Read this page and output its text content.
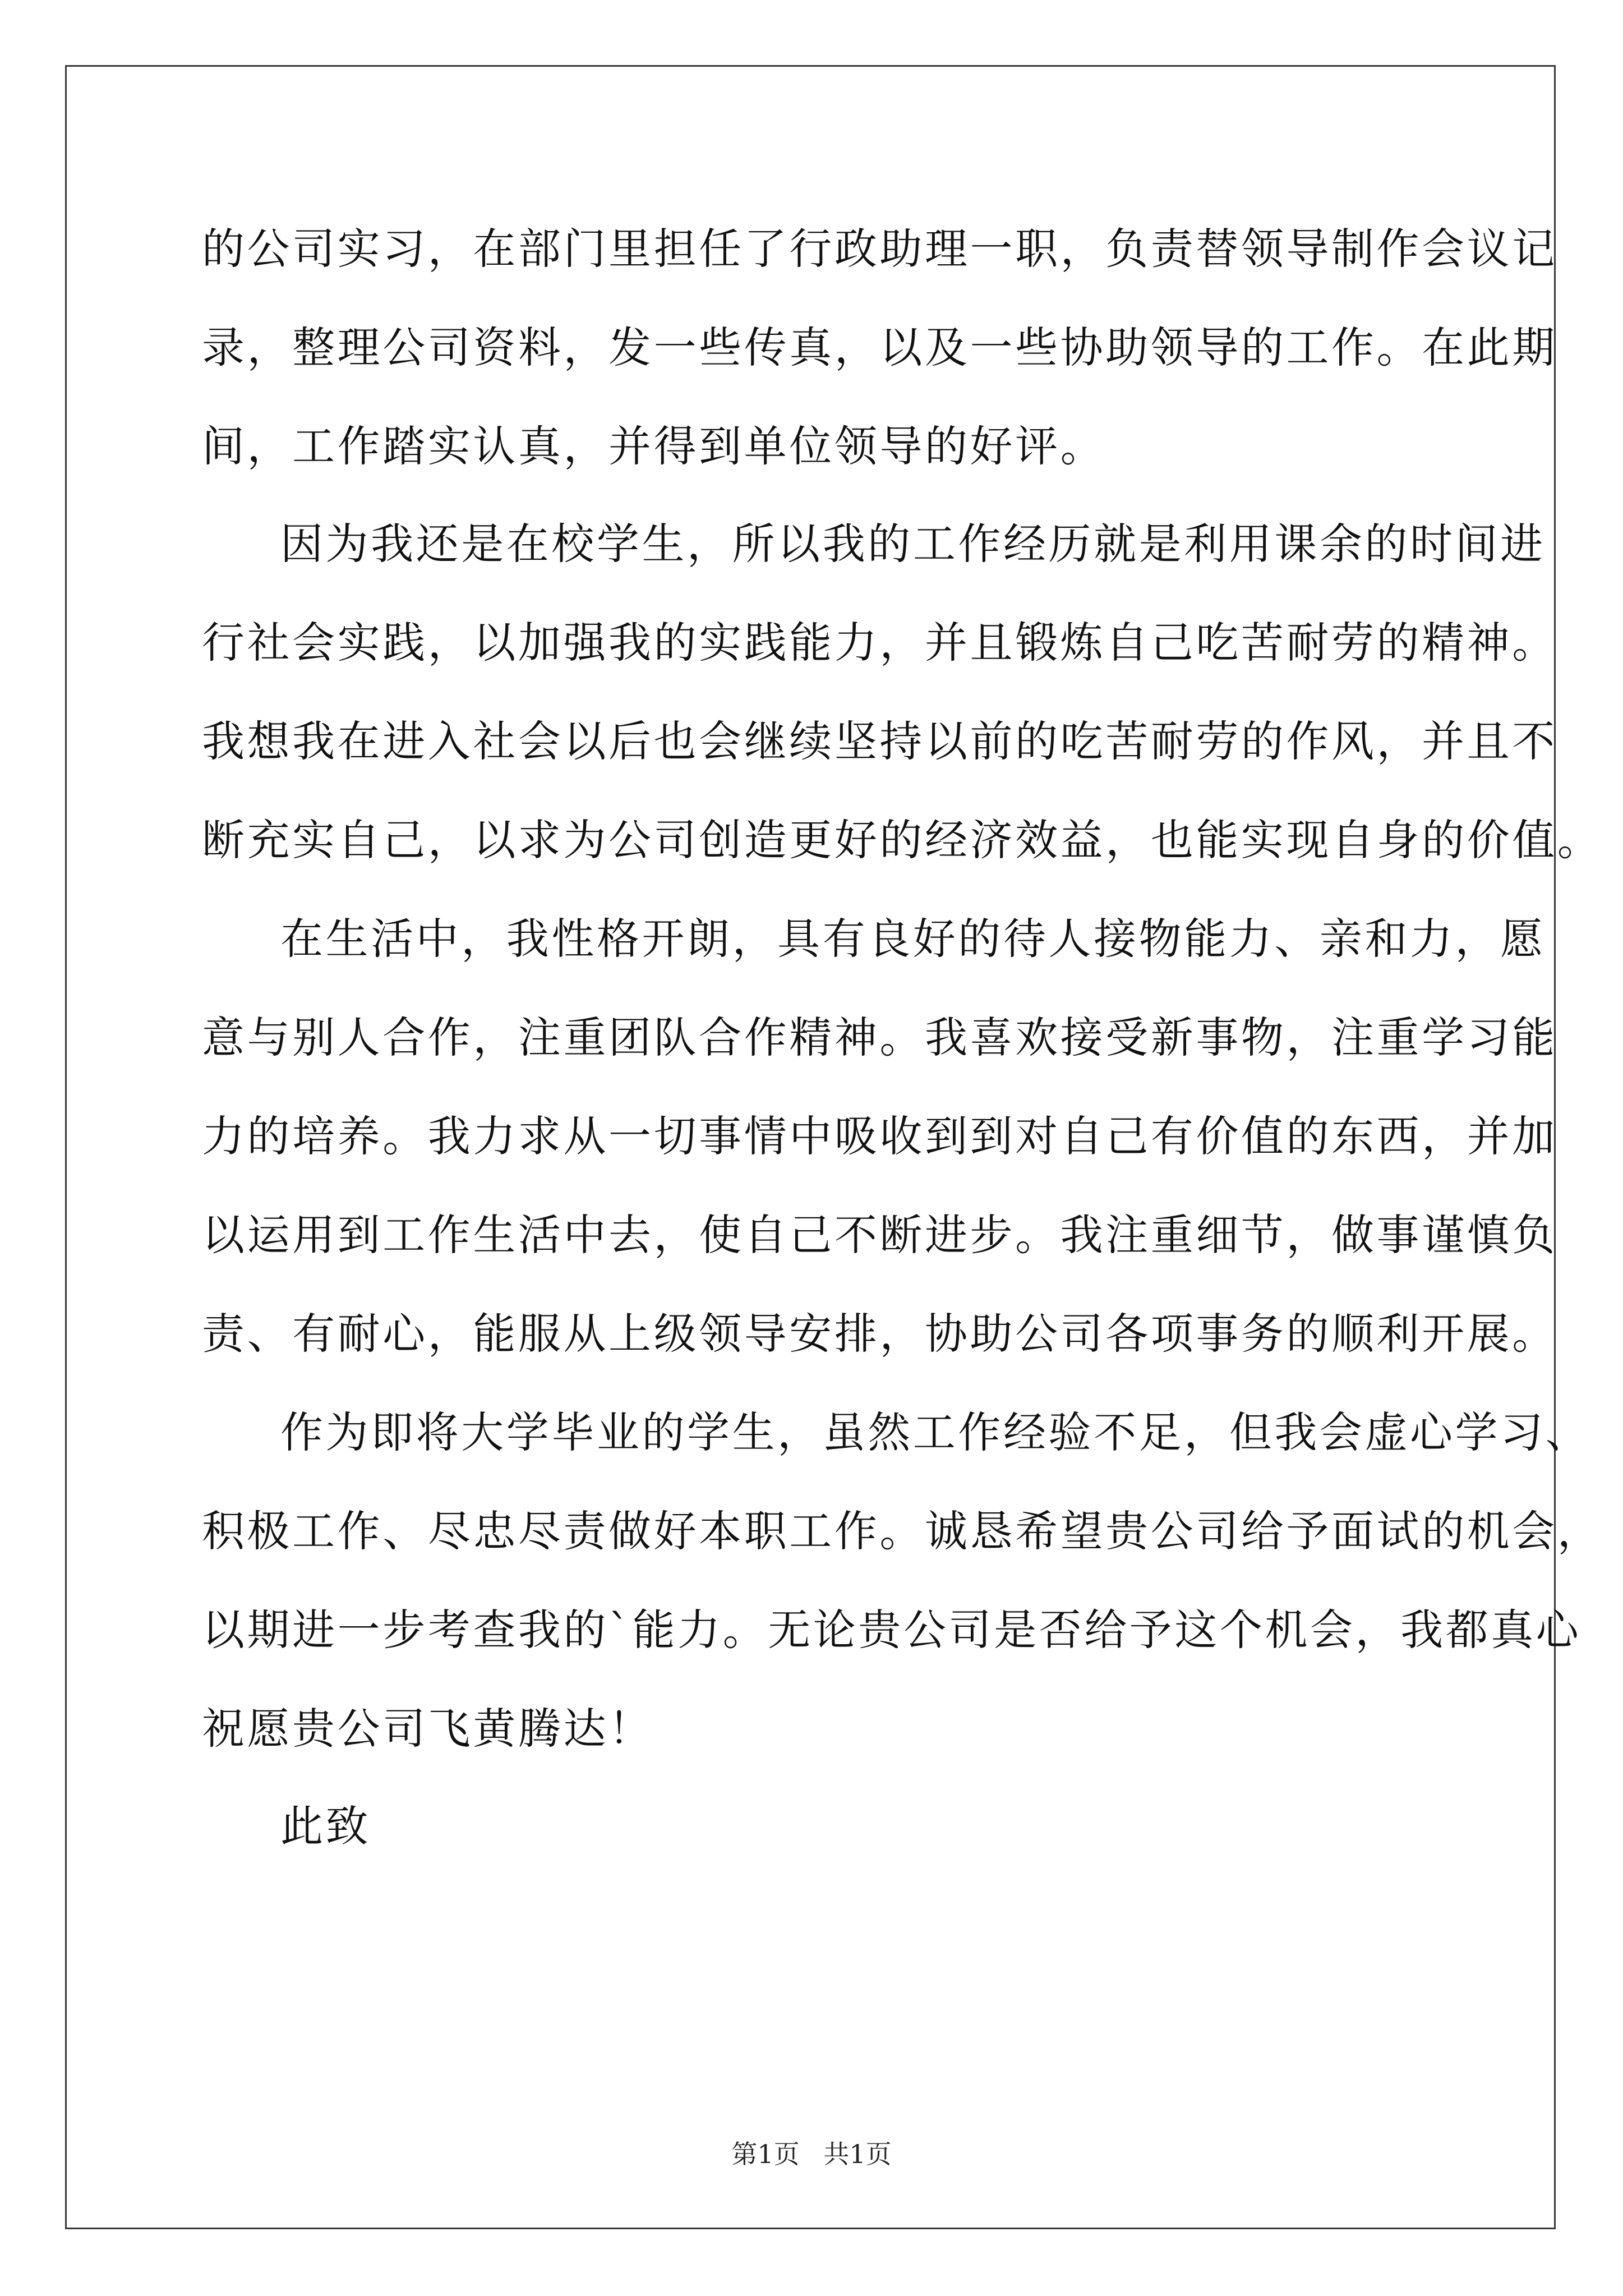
的公司实习，在部门里担任了行政助理一职，负责替领导制作会议记
录，整理公司资料，发一些传真，以及一些协助领导的工作。在此期
间，工作踏实认真，并得到单位领导的好评。
因为我还是在校学生，所以我的工作经历就是利用课余的时间进
行社会实践，以加强我的实践能力，并且锻炼自己吃苦耐劳的精神。
我想我在进入社会以后也会继续坚持以前的吃苦耐劳的作风，并且不
断充实自己，以求为公司创造更好的经济效益，也能实现自身的价值。
在生活中，我性格开朗，具有良好的待人接物能力、亲和力，愿
意与别人合作，注重团队合作精神。我喜欢接受新事物，注重学习能
力的培养。我力求从一切事情中吸收到到对自己有价值的东西，并加
以运用到工作生活中去，使自己不断进步。我注重细节，做事谨慎负
责、有耐心，能服从上级领导安排，协助公司各项事务的顺利开展。
作为即将大学毕业的学生，虽然工作经验不足，但我会虚心学习、
积极工作、尽忠尽责做好本职工作。诚恳希望贵公司给予面试的机会，
以期进一步考查我的`能力。无论贵公司是否给予这个机会，我都真心
祝愿贵公司飞黄腾达！
此致
第1页 共1页
